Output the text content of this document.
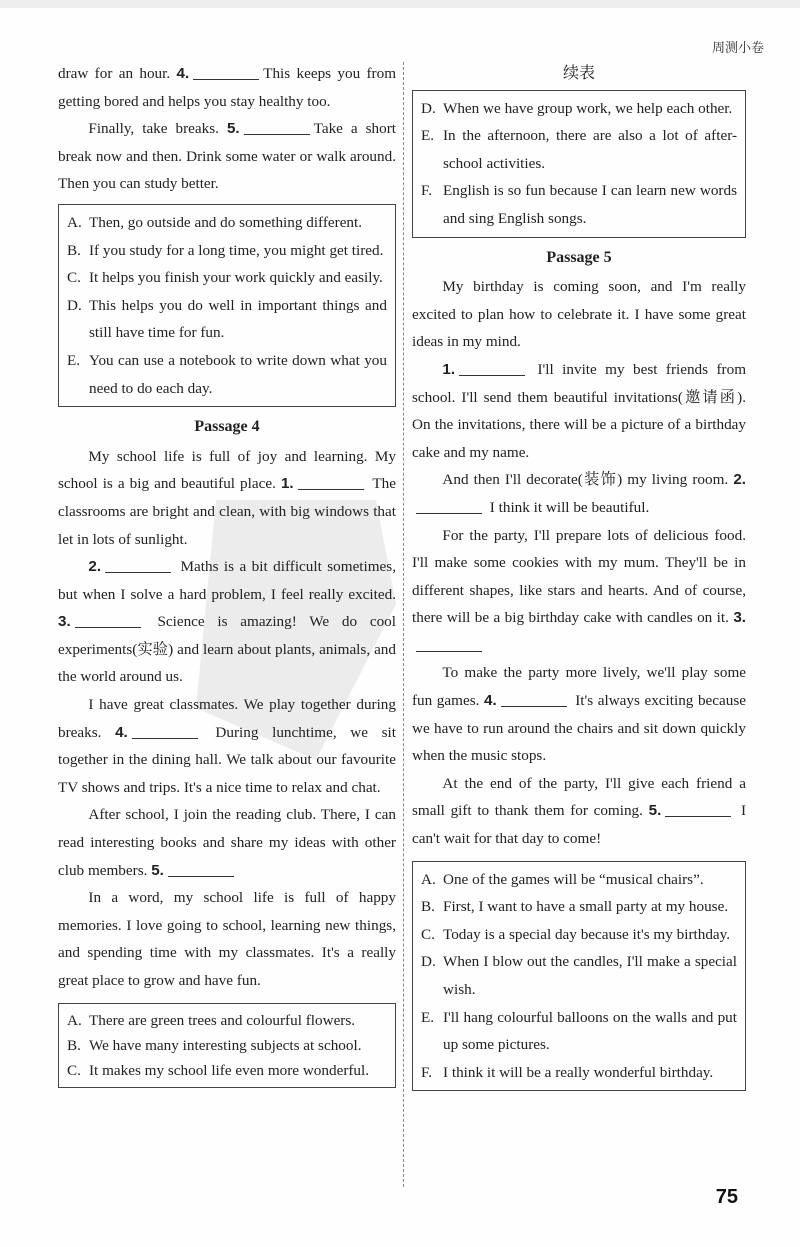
周测小卷

draw for an hour. 4.	This keeps you from getting bored and helps you stay healthy too.

Finally, take breaks. 5.	Take a short break now and then. Drink some water or walk around. Then you can study better.

A. Then, go outside and do something different.
B. If you study for a long time, you might get tired.
C. It helps you finish your work quickly and easily.
D. This helps you do well in important things and still have time for fun.
E. You can use a notebook to write down what you need to do each day.
Passage 4

My school life is full of joy and learning. My school is a big and beautiful place. 1.	The classrooms are bright and clean, with big windows that let in lots of sunlight.

2.	Maths is a bit difficult sometimes, but when I solve a hard problem, I feel really excited. 3.	Science is amazing! We do cool experiments(实验) and learn about plants, animals, and the world around us.

I have great classmates. We play together during breaks. 4.	During lunchtime, we sit together in the dining hall. We talk about our favourite TV shows and trips. It's a nice time to relax and chat.

After school, I join the reading club. There, I can read interesting books and share my ideas with other club members. 5.

In a word, my school life is full of happy memories. I love going to school, learning new things, and spending time with my classmates. It's a really great place to grow and have fun.

A. There are green trees and colourful flowers.
B. We have many interesting subjects at school.
C. It makes my school life even more wonderful.
续表
D. When we have group work, we help each other.
E. In the afternoon, there are also a lot of after-school activities.
F. English is so fun because I can learn new words and sing English songs.
Passage 5

My birthday is coming soon, and I'm really excited to plan how to celebrate it. I have some great ideas in my mind.

1.	I'll invite my best friends from school. I'll send them beautiful invitations(邀请函). On the invitations, there will be a picture of a birthday cake and my name.

And then I'll decorate(装饰) my living room. 2. I think it will be beautiful.

For the party, I'll prepare lots of delicious food. I'll make some cookies with my mum. They'll be in different shapes, like stars and hearts. And of course, there will be a big birthday cake with candles on it. 3.

To make the party more lively, we'll play some fun games. 4.	It's always exciting because we have to run around the chairs and sit down quickly when the music stops.

At the end of the party, I'll give each friend a small gift to thank them for coming. 5.	I can't wait for that day to come!

A. One of the games will be “musical chairs”.
B. First, I want to have a small party at my house.
C. Today is a special day because it's my birthday.
D. When I blow out the candles, I'll make a special wish.
E. I'll hang colourful balloons on the walls and put up some pictures.
F. I think it will be a really wonderful birthday.
75
